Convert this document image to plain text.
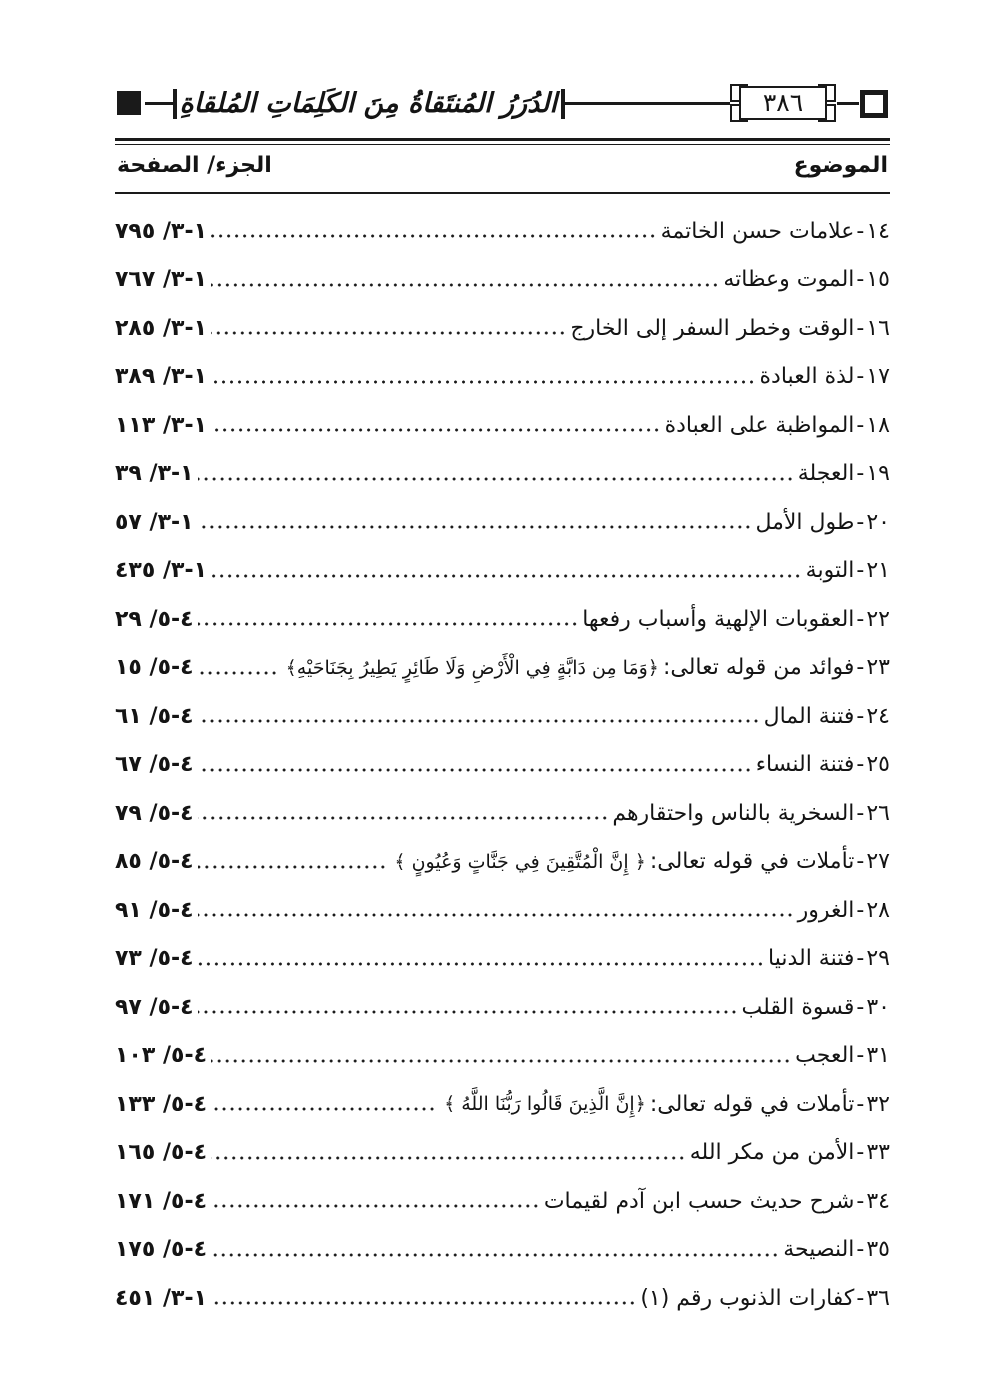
الدُرَرُ المُنتَقاةُ مِنَ الكَلِمَاتِ المُلقاةِ	٣٨٦
الموضوع
الجزء/ الصفحة
١٤
-
علامات حسن الخاتمة
١-٣/ ٧٩٥
١٥
-
الموت وعظاته
١-٣/ ٧٦٧
١٦
-
الوقت وخطر السفر إلى الخارج
١-٣/ ٢٨٥
١٧
-
لذة العبادة
١-٣/ ٣٨٩
١٨
-
المواظبة على العبادة
١-٣/ ١١٣
١٩
-
العجلة
١-٣/ ٣٩
٢٠
-
طول الأمل
١-٣/ ٥٧
٢١
-
التوبة
١-٣/ ٤٣٥
٢٢
-
العقوبات الإلهية وأسباب رفعها
٤-٥/ ٢٩
٢٣
-
فوائد من قوله تعالى:
﴿وَمَا مِن دَابَّةٍ فِي الْأَرْضِ وَلَا طَائِرٍ يَطِيرُ بِجَنَاحَيْهِ﴾
٤-٥/ ١٥
٢٤
-
فتنة المال
٤-٥/ ٦١
٢٥
-
فتنة النساء
٤-٥/ ٦٧
٢٦
-
السخرية بالناس واحتقارهم
٤-٥/ ٧٩
٢٧
-
تأملات في قوله تعالى:
﴿ إِنَّ الْمُتَّقِينَ فِي جَنَّاتٍ وَعُيُونٍ ﴾
٤-٥/ ٨٥
٢٨
-
الغرور
٤-٥/ ٩١
٢٩
-
فتنة الدنيا
٤-٥/ ٧٣
٣٠
-
قسوة القلب
٤-٥/ ٩٧
٣١
-
العجب
٤-٥/ ١٠٣
٣٢
-
تأملات في قوله تعالى:
﴿إِنَّ الَّذِينَ قَالُوا رَبُّنَا اللَّهُ ﴾
٤-٥/ ١٣٣
٣٣
-
الأمن من مكر الله
٤-٥/ ١٦٥
٣٤
-
شرح حديث حسب ابن آدم لقيمات
٤-٥/ ١٧١
٣٥
-
النصيحة
٤-٥/ ١٧٥
٣٦
-
كفارات الذنوب رقم (١)
١-٣/ ٤٥١
